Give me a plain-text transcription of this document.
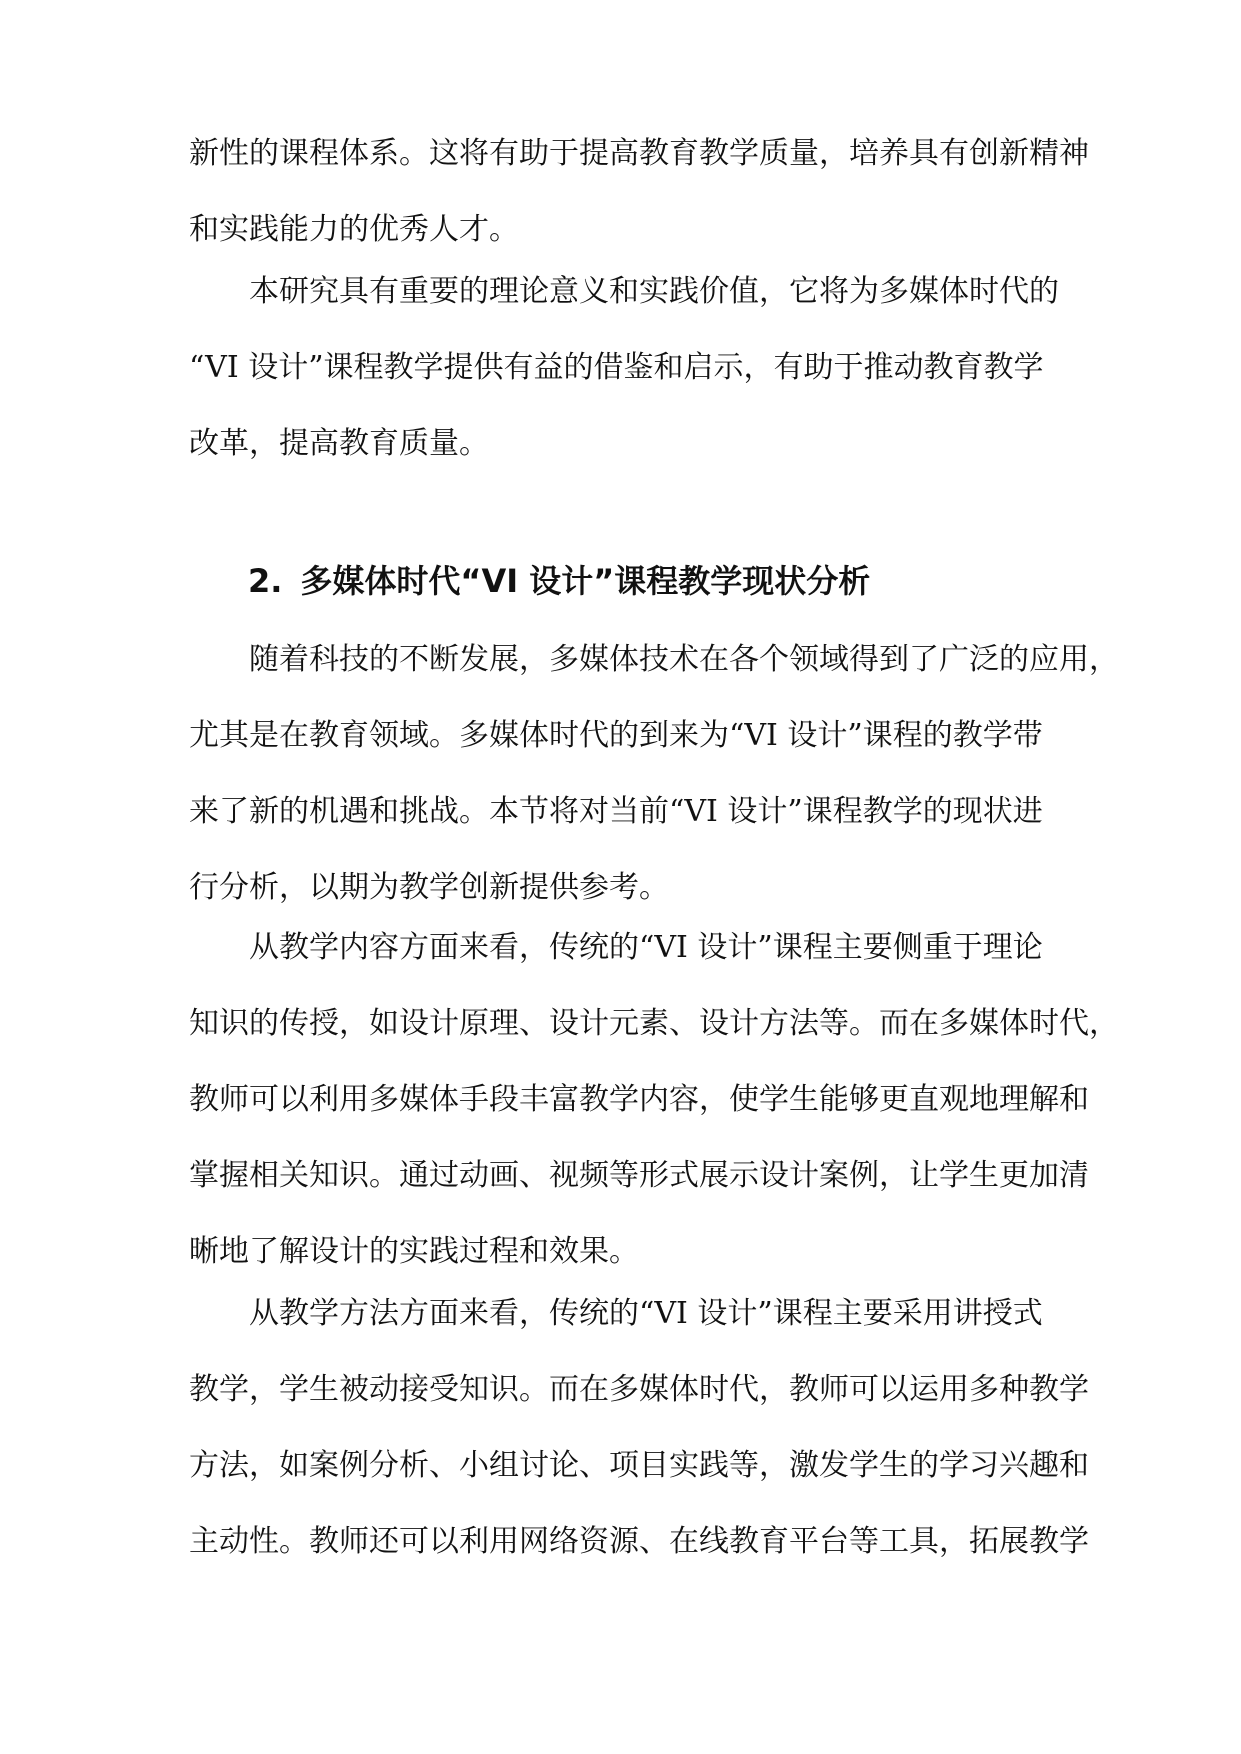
新性的课程体系。这将有助于提高教育教学质量，培养具有创新精神
和实践能力的优秀人才。
本研究具有重要的理论意义和实践价值，它将为多媒体时代的
“VI 设计”课程教学提供有益的借鉴和启示，有助于推动教育教学
改革，提高教育质量。
2. 多媒体时代“VI 设计”课程教学现状分析
随着科技的不断发展，多媒体技术在各个领域得到了广泛的应用，
尤其是在教育领域。多媒体时代的到来为“VI 设计”课程的教学带
来了新的机遇和挑战。本节将对当前“VI 设计”课程教学的现状进
行分析，以期为教学创新提供参考。
从教学内容方面来看，传统的“VI 设计”课程主要侧重于理论
知识的传授，如设计原理、设计元素、设计方法等。而在多媒体时代，
教师可以利用多媒体手段丰富教学内容，使学生能够更直观地理解和
掌握相关知识。通过动画、视频等形式展示设计案例，让学生更加清
晰地了解设计的实践过程和效果。
从教学方法方面来看，传统的“VI 设计”课程主要采用讲授式
教学，学生被动接受知识。而在多媒体时代，教师可以运用多种教学
方法，如案例分析、小组讨论、项目实践等，激发学生的学习兴趣和
主动性。教师还可以利用网络资源、在线教育平台等工具，拓展教学
